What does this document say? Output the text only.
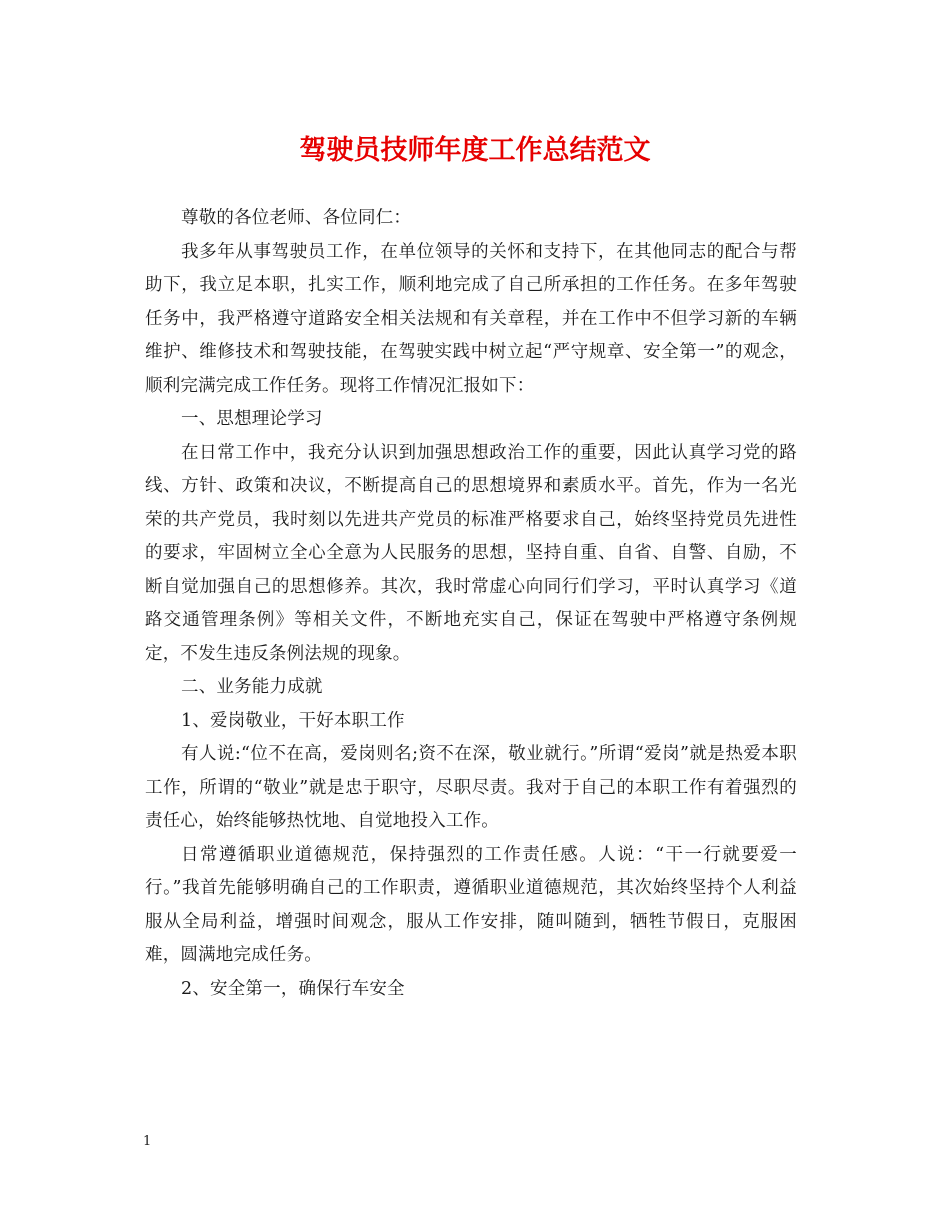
驾驶员技师年度工作总结范文

尊敬的各位老师、各位同仁：

我多年从事驾驶员工作，在单位领导的关怀和支持下，在其他同志的配合与帮助下，我立足本职，扎实工作，顺利地完成了自己所承担的工作任务。在多年驾驶任务中，我严格遵守道路安全相关法规和有关章程，并在工作中不但学习新的车辆维护、维修技术和驾驶技能，在驾驶实践中树立起“严守规章、安全第一”的观念，顺利完满完成工作任务。现将工作情况汇报如下：

一、思想理论学习

在日常工作中，我充分认识到加强思想政治工作的重要，因此认真学习党的路线、方针、政策和决议，不断提高自己的思想境界和素质水平。首先，作为一名光荣的共产党员，我时刻以先进共产党员的标准严格要求自己，始终坚持党员先进性的要求，牢固树立全心全意为人民服务的思想，坚持自重、自省、自警、自励，不断自觉加强自己的思想修养。其次，我时常虚心向同行们学习，平时认真学习《道路交通管理条例》等相关文件，不断地充实自己，保证在驾驶中严格遵守条例规定，不发生违反条例法规的现象。

二、业务能力成就

1、爱岗敬业，干好本职工作

有人说:“位不在高，爱岗则名;资不在深，敬业就行。”所谓“爱岗”就是热爱本职工作，所谓的“敬业”就是忠于职守，尽职尽责。我对于自己的本职工作有着强烈的责任心，始终能够热忱地、自觉地投入工作。

日常遵循职业道德规范，保持强烈的工作责任感。人说：“干一行就要爱一行。”我首先能够明确自己的工作职责，遵循职业道德规范，其次始终坚持个人利益服从全局利益，增强时间观念，服从工作安排，随叫随到，牺牲节假日，克服困难，圆满地完成任务。

2、安全第一，确保行车安全

1
